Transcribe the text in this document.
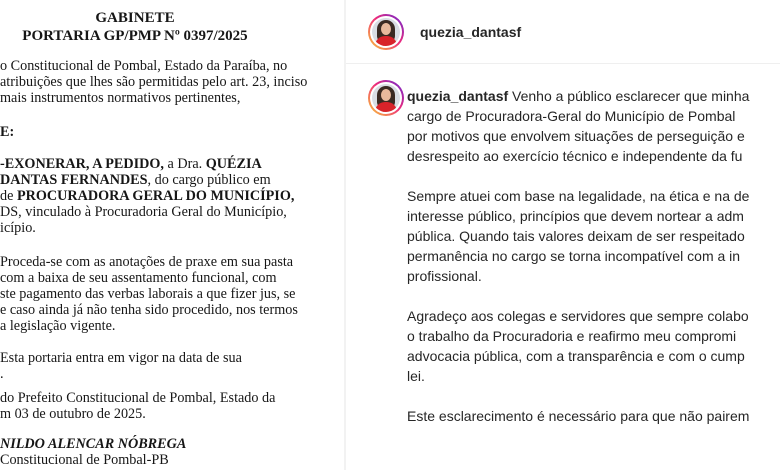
GABINETE
PORTARIA GP/PMP Nº 0397/2025
o Constitucional de Pombal, Estado da Paraíba, no
atribuições que lhes são permitidas pelo art. 23, inciso
mais instrumentos normativos pertinentes,
E:
-EXONERAR, A PEDIDO, a Dra. QUÉZIA
DANTAS FERNANDES, do cargo público em
de PROCURADORA GERAL DO MUNICÍPIO,
DS, vinculado à Procuradoria Geral do Município,
icípio.
Proceda-se com as anotações de praxe em sua pasta
com a baixa de seu assentamento funcional, com
ste pagamento das verbas laborais a que fizer jus, se
e caso ainda já não tenha sido procedido, nos termos
a legislação vigente.
Esta portaria entra em vigor na data de sua
.
do Prefeito Constitucional de Pombal, Estado da
m 03 de outubro de 2025.
NILDO ALENCAR NÓBREGA
Constitucional de Pombal-PB
quezia_dantasf

quezia_dantasf Venho a público esclarecer que minha

cargo de Procuradora-Geral do Município de Pombal

por motivos que envolvem situações de perseguição e

desrespeito ao exercício técnico e independente da fu

Sempre atuei com base na legalidade, na ética e na de

interesse público, princípios que devem nortear a adm

pública. Quando tais valores deixam de ser respeitado

permanência no cargo se torna incompatível com a in

profissional.

Agradeço aos colegas e servidores que sempre colabo

o trabalho da Procuradoria e reafirmo meu compromi

advocacia pública, com a transparência e com o cump

lei.

Este esclarecimento é necessário para que não pairem
